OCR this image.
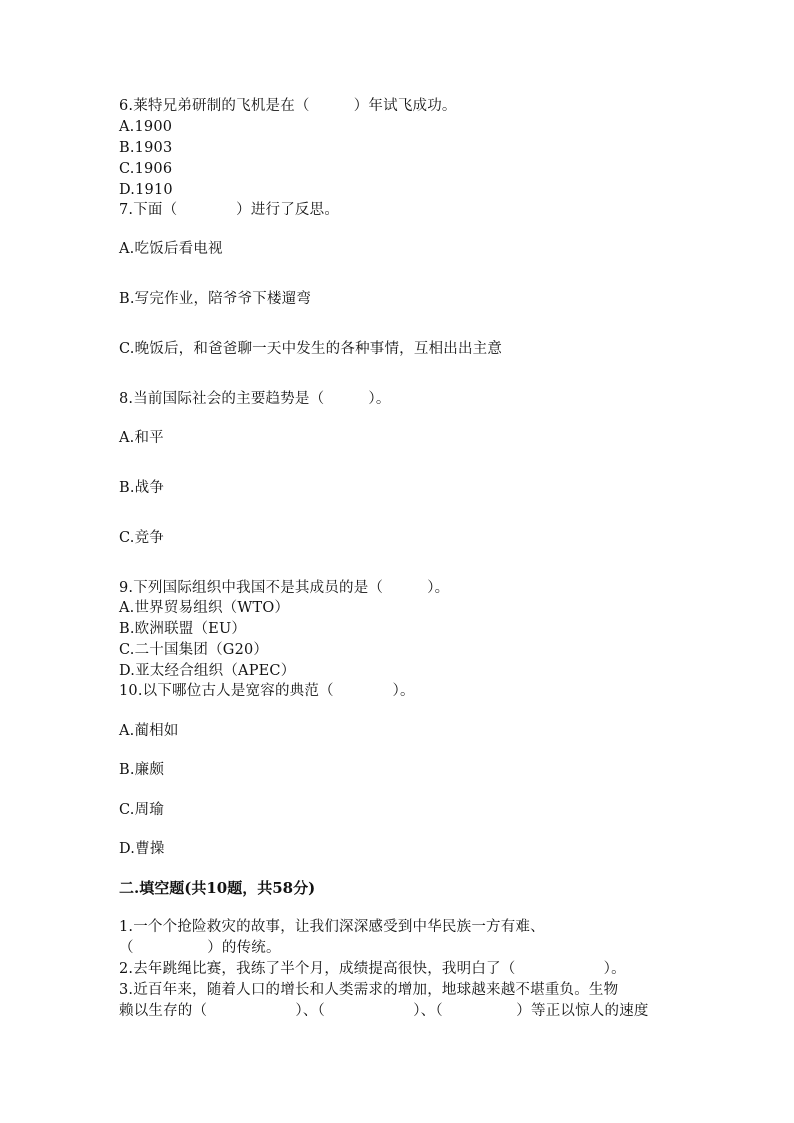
6.莱特兄弟研制的飞机是在（　　　）年试飞成功。

A.1900

B.1903

C.1906

D.1910

7.下面（　　　　）进行了反思。

A.吃饭后看电视

B.写完作业，陪爷爷下楼遛弯

C.晚饭后，和爸爸聊一天中发生的各种事情，互相出出主意

8.当前国际社会的主要趋势是（　　　）。

A.和平

B.战争

C.竞争

9.下列国际组织中我国不是其成员的是（　　　）。

A.世界贸易组织（WTO）

B.欧洲联盟（EU）

C.二十国集团（G20）

D.亚太经合组织（APEC）

10.以下哪位古人是宽容的典范（　　　　）。

A.蔺相如

B.廉颇

C.周瑜

D.曹操

二.填空题(共10题，共58分)

1.一个个抢险救灾的故事，让我们深深感受到中华民族一方有难、

（　　　　　）的传统。

2.去年跳绳比赛，我练了半个月，成绩提高很快，我明白了（　　　　　　）。

3.近百年来，随着人口的增长和人类需求的增加，地球越来越不堪重负。生物

赖以生存的（　　　　　　）、（　　　　　　）、（　　　　　）等正以惊人的速度
